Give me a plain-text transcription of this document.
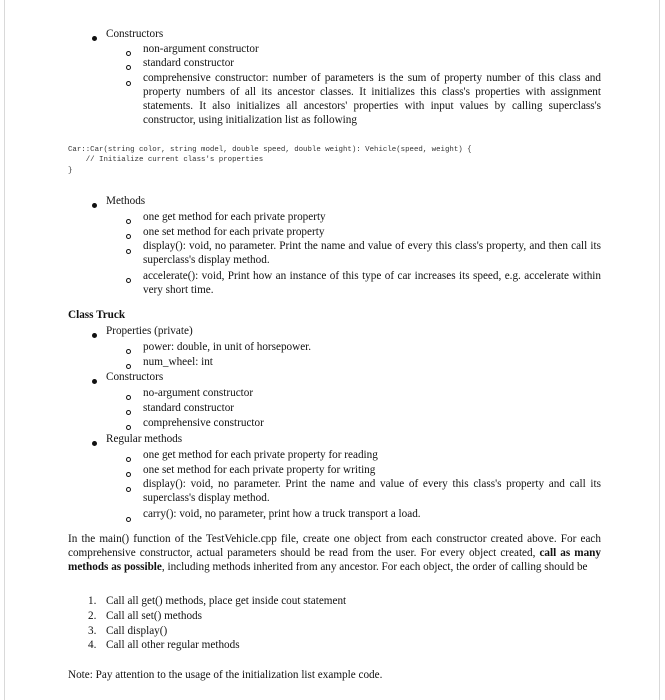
Constructors
non-argument constructor
standard constructor
comprehensive constructor: number of parameters is the sum of property number of this class and property numbers of all its ancestor classes. It initializes this class's properties with assignment statements. It also initializes all ancestors' properties with input values by calling superclass's constructor, using initialization list as following
Car::Car(string color, string model, double speed, double weight): Vehicle(speed, weight) {
// Initialize current class's properties
}
Methods
one get method for each private property
one set method for each private property
display(): void, no parameter. Print the name and value of every this class's property, and then call its superclass's display method.
accelerate(): void, Print how an instance of this type of car increases its speed, e.g. accelerate within very short time.
Class Truck
Properties (private)
power: double, in unit of horsepower.
num_wheel: int
Constructors
no-argument constructor
standard constructor
comprehensive constructor
Regular methods
one get method for each private property for reading
one set method for each private property for writing
display(): void, no parameter. Print the name and value of every this class's property and call its superclass's display method.
carry(): void, no parameter, print how a truck transport a load.
In the main() function of the TestVehicle.cpp file, create one object from each constructor created above. For each comprehensive constructor, actual parameters should be read from the user. For every object created, call as many methods as possible, including methods inherited from any ancestor. For each object, the order of calling should be
1. Call all get() methods, place get inside cout statement
2. Call all set() methods
3. Call display()
4. Call all other regular methods
Note: Pay attention to the usage of the initialization list example code.
